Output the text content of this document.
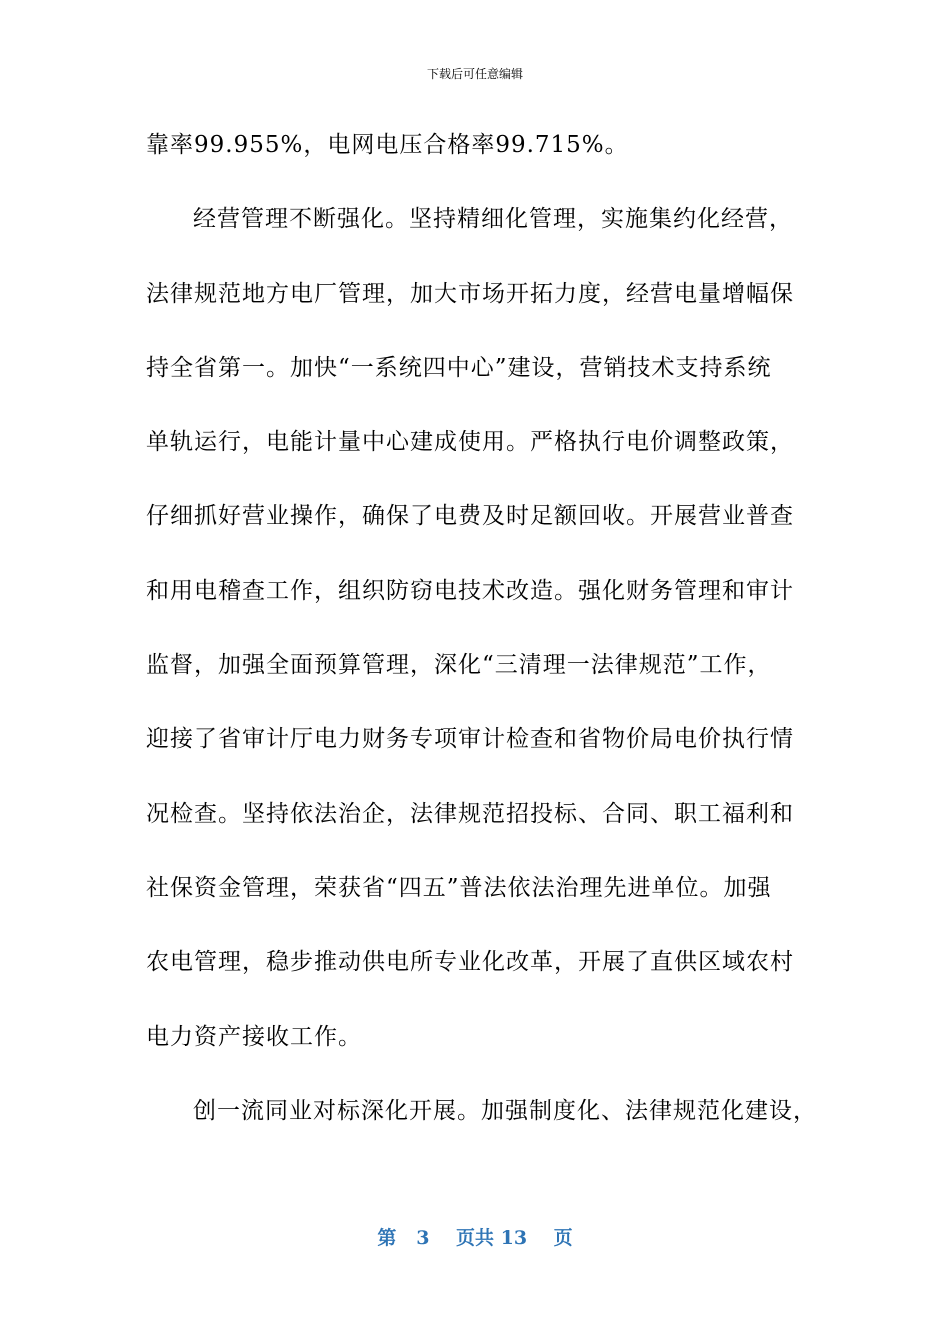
下载后可任意编辑
靠率99.955%，电网电压合格率99.715%。
经营管理不断强化。坚持精细化管理，实施集约化经营，
法律规范地方电厂管理，加大市场开拓力度，经营电量增幅保
持全省第一。加快“一系统四中心”建设，营销技术支持系统
单轨运行，电能计量中心建成使用。严格执行电价调整政策，
仔细抓好营业操作，确保了电费及时足额回收。开展营业普查
和用电稽查工作，组织防窃电技术改造。强化财务管理和审计
监督，加强全面预算管理，深化“三清理一法律规范”工作，
迎接了省审计厅电力财务专项审计检查和省物价局电价执行情
况检查。坚持依法治企，法律规范招投标、合同、职工福利和
社保资金管理，荣获省“四五”普法依法治理先进单位。加强
农电管理，稳步推动供电所专业化改革，开展了直供区域农村
电力资产接收工作。
创一流同业对标深化开展。加强制度化、法律规范化建设，
第 3 页共 13 页
